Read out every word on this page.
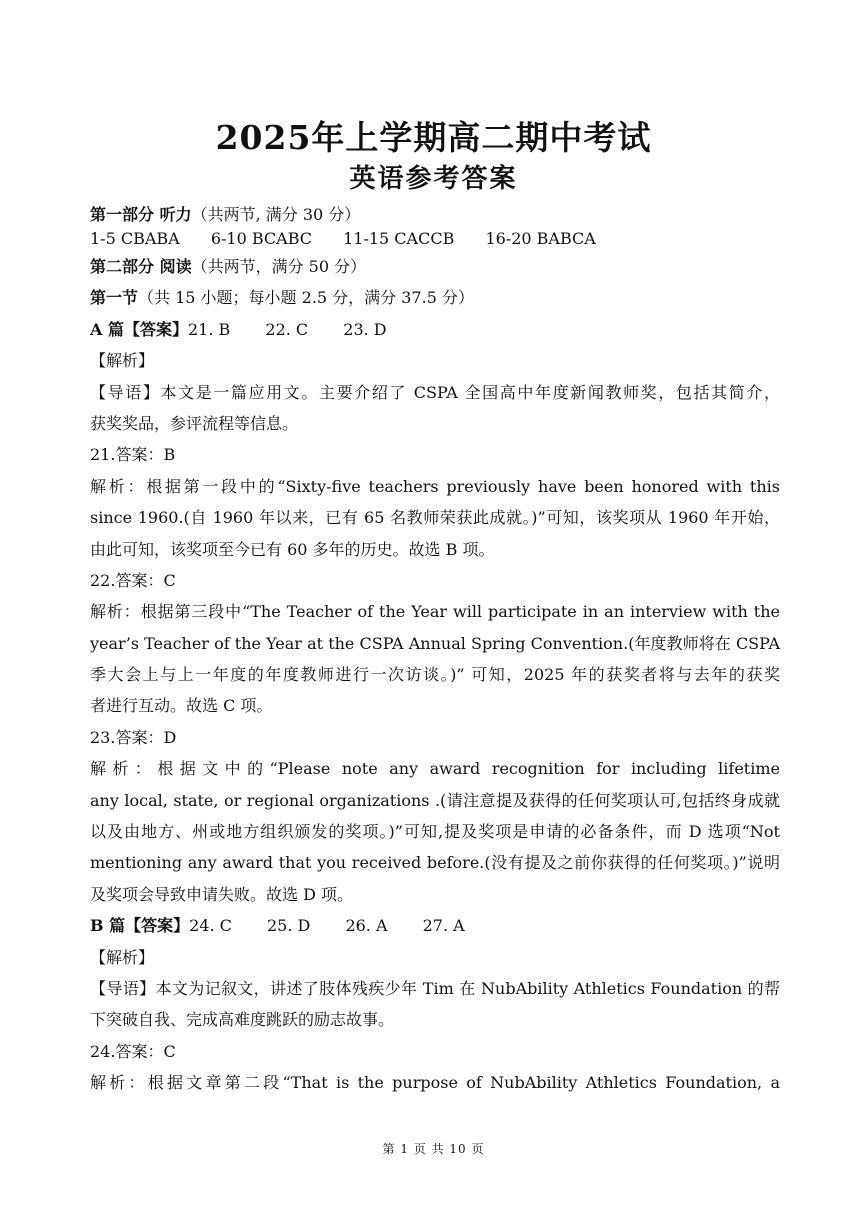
2025年上学期高二期中考试
英语参考答案
第一部分 听力（共两节, 满分 30 分）
1-5 CBABA 6-10 BCABC 11-15 CACCB 16-20 BABCA
第二部分 阅读（共两节，满分 50 分）
第一节（共 15 小题；每小题 2.5 分，满分 37.5 分）
A 篇【答案】21. B 22. C 23. D
【解析】
【导语】本文是一篇应用文。主要介绍了 CSPA 全国高中年度新闻教师奖，包括其简介，
获奖奖品，参评流程等信息。
21.答案：B
解析：根据第一段中的“Sixty-five teachers previously have been honored with this
since 1960.(自 1960 年以来，已有 65 名教师荣获此成就。)”可知，该奖项从 1960 年开始，
由此可知，该奖项至今已有 60 多年的历史。故选 B 项。
22.答案：C
解析：根据第三段中“The Teacher of the Year will participate in an interview with the
year’s Teacher of the Year at the CSPA Annual Spring Convention.(年度教师将在 CSPA
季大会上与上一年度的年度教师进行一次访谈。)” 可知，2025 年的获奖者将与去年的获奖
者进行互动。故选 C 项。
23.答案：D
解析：根据文中的“Please note any award recognition for including lifetime
any local, state, or regional organizations .(请注意提及获得的任何奖项认可,包括终身成就
以及由地方、州或地方组织颁发的奖项。)”可知,提及奖项是申请的必备条件，而 D 选项“Not
mentioning any award that you received before.(没有提及之前你获得的任何奖项。)”说明
及奖项会导致申请失败。故选 D 项。
B 篇【答案】24. C 25. D 26. A 27. A
【解析】
【导语】本文为记叙文，讲述了肢体残疾少年 Tim 在 NubAbility Athletics Foundation 的帮
下突破自我、完成高难度跳跃的励志故事。
24.答案：C
解析：根据文章第二段“That is the purpose of NubAbility Athletics Foundation, a
第 1 页 共 10 页
